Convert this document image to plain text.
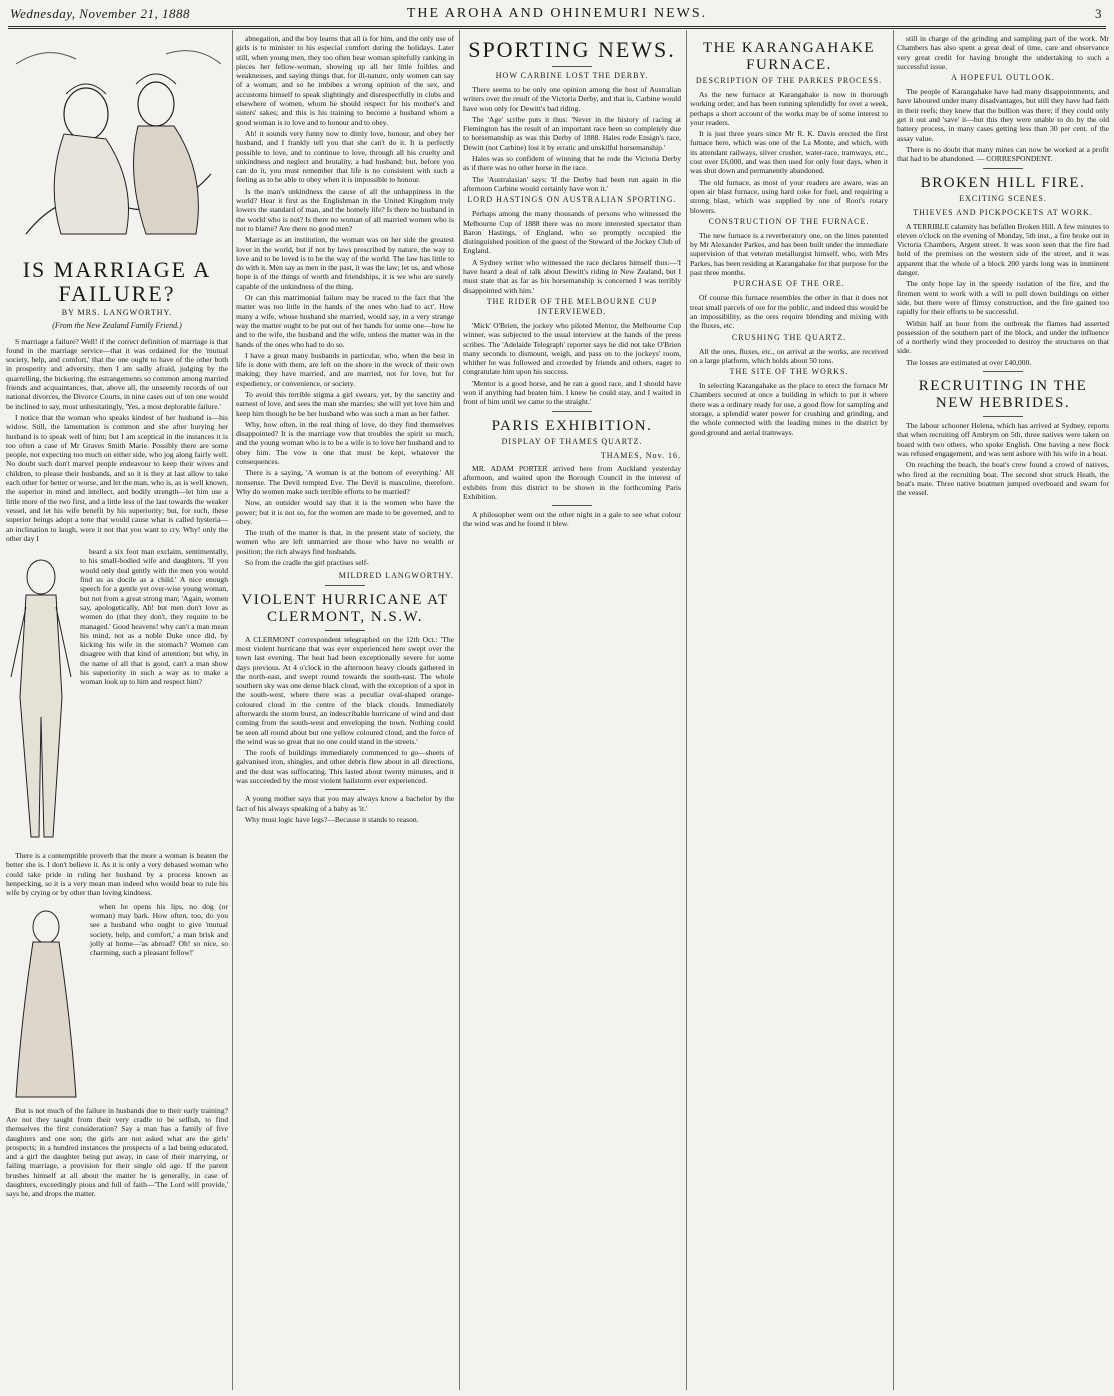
Wednesday, November 21, 1888	THE AROHA AND OHINEMURI NEWS.	3
IS MARRIAGE A FAILURE?
BY MRS. LANGWORTHY.
(From the New Zealand Family Friend.)

S marriage a failure? Well! if the correct definition of marriage is that found in the marriage service—that it was ordained for the 'mutual society, help, and comfort,' that the one ought to have of the other both in prosperity and adversity, then I am sadly afraid, judging by the quarrelling, the bickering, the estrangements so common among married friends and acquaintances, that, above all, the unseemly records of our national divorces, the Divorce Courts, in nine cases out of ten one would be inclined to say, most unhesitatingly, 'Yes, a most deplorable failure.'

I notice that the woman who speaks kindest of her husband is—his widow. Still, the lamentation is common and she after burying her husband is to speak well of him; but I am sceptical in the instances it is too often a case of Mr Graves Smith Marie. Possibly there are some people, not expecting too much on either side, who jog along fairly well. No doubt such don't marvel people endeavour to keep their wives and children, to please their husbands, and so it is they at last allow to take each other for better or worse, and let the man, who is, as is well known, the superior in mind and intellect, and bodily strength—let him use a little more of the two first, and a little less of the last towards the weaker vessel, and let his wife benefit by his superiority; but, for such, these superior beings adopt a tone that would cause what is called hysteria—an inclination to laugh, were it not that you want to cry. Why! only the other day I

heard a six foot man exclaim, sentimentally, to his small-bodied wife and daughters, 'If you would only deal gently with the men you would find us as docile as a child.' A nice enough speech for a gentle yet over-wise young woman, but not from a great strong man; 'Again, women say, apologetically, Ah! but men don't love as women do (that they don't, they require to be managed.' Good heavens! why can't a man mean his mind, not as a noble Duke once did, by kicking his wife in the stomach? Women can disagree with that kind of attention; but why, in the name of all that is good, can't a man show his superiority in such a way as to make a woman look up to him and respect him?

There is a contemptible proverb that the more a woman is beaten the better she is. I don't believe it. As it is only a very debased woman who could take pride in ruling her husband by a process known as henpecking, so it is a very mean man indeed who would bear to rule his wife by crying or by other than loving kindness.

when he opens his lips, no dog (or woman) may bark. How often, too, do you see a husband who ought to give 'mutual society, help, and comfort,' a man brisk and jolly at home—'as abroad? Oh! so nice, so charming, such a pleasant fellow!'

But is not much of the failure in husbands due to their early training? Are not they taught from their very cradle to be selfish, to find themselves the first consideration? Say a man has a family of five daughters and one son; the girls are not asked what are the girls' prospects; in a hundred instances the prospects of a lad being educated, and a girl the daughter being put away, in case of their marrying, or failing marriage, a provision for their single old age. If the parent brushes himself at all about the matter he is generally, in case of daughters, exceedingly pious and full of faith—'The Lord will provide,' says he, and drops the matter.

abnegation, and the boy learns that all is for him, and the only use of girls is to minister to his especial comfort during the holidays. Later still, when young men, they too often hear woman spitefully ranking in pieces her fellow-woman, showing up all her little foibles and weaknesses, and saying things that, for ill-nature, only women can say of a woman; and so he imbibes a wrong opinion of the sex, and accustoms himself to speak slightingly and disrespectfully in clubs and elsewhere of women, whom he should respect for his mother's and sisters' sakes; and this is his training to become a husband whom a good woman is to love and to honour and to obey.

Ah! it sounds very funny now to dimly love, honour, and obey her husband, and I frankly tell you that she can't do it. It is perfectly possible to love, and to continue to love, through all his cruelty and unkindness and neglect and brutality, a bad husband; but, before you can do it, you must remember that life is no consistent with such a feeling as to be able to obey when it is impossible to honour.

Is the man's unkindness the cause of all the unhappiness in the world? Hear it first as the Englishman in the United Kingdom truly lowers the standard of man, and the homely life? Is there no husband in the world who is not? Is there no woman of all married women who is not to blame? Are there no good men?

Marriage as an institution, the woman was on her side the greatest lover in the world, but if not by laws prescribed by nature, the way to love and to be loved is to be the way of the world. The law has little to do with it. Men say as men in the past, it was the law; let us, and whose hope is of the things of worth and friendships, it is we who are surely capable of the unkindness of the thing.

Or can this matrimonial failure may be traced to the fact that 'the matter was too little in the hands of the ones who had to act'. How many a wife, whose husband she married, would say, in a very strange way the matter ought to be put out of her hands for some one—how he and to the wife, the husband and the wife, unless the matter was in the hands of the ones who had to do so.

I have a great many husbands in particular, who, when the best in life is done with them, are left on the shore in the wreck of their own making; they have married, and are married, not for love, but for expediency, or convenience, or society.

To avoid this terrible stigma a girl swears, yet, by the sanctity and earnest of love, and sees the man she marries; she will yet love him and keep him though he be her husband who was such a man as her father.

Why, how often, in the real thing of love, do they find themselves disappointed? It is the marriage vow that troubles the spirit so much, and the young woman who is to be a wife is to love her husband and to obey him. The vow is one that must be kept, whatever the consequences.

There is a saying, 'A woman is at the bottom of everything.' All nonsense. The Devil tempted Eve. The Devil is masculine, therefore. Why do women make such terrible efforts to be married?

Now, an outsider would say that it is the women who have the power; but it is not so, for the women are made to be governed, and to obey.

The truth of the matter is that, in the present state of society, the women who are left unmarried are those who have no wealth or position; the rich always find husbands.

So from the cradle the girl practises self-

MILDRED LANGWORTHY.
VIOLENT HURRICANE AT CLERMONT, N.S.W.

A CLERMONT correspondent telegraphed on the 12th Oct.: 'The most violent hurricane that was ever experienced here swept over the town last evening. The heat had been exceptionally severe for some days previous. At 4 o'clock in the afternoon heavy clouds gathered in the north-east, and swept round towards the south-east. The whole southern sky was one dense black cloud, with the exception of a spot in the south-west, where there was a peculiar oval-shaped orange-coloured cloud in the centre of the black clouds. Immediately afterwards the storm burst, an indescribable hurricane of wind and dust coming from the south-west and enveloping the town. Nothing could be seen all round about but one yellow coloured cloud, and the force of the wind was so great that no one could stand in the streets.'

The roofs of buildings immediately commenced to go—sheets of galvanised iron, shingles, and other debris flew about in all directions, and the dust was suffocating. This lasted about twenty minutes, and it was succeeded by the most violent hailstorm ever experienced.

A young mother says that you may always know a bachelor by the fact of his always speaking of a baby as 'it.'

Why must logic have legs?—Because it stands to reason.

SPORTING NEWS.
HOW CARBINE LOST THE DERBY.

There seems to be only one opinion among the host of Australian writers over the result of the Victoria Derby, and that is, Carbine would have won only for Dewitt's bad riding.

The 'Age' scribe puts it thus: 'Never in the history of racing at Flemington has the result of an important race been so completely due to horsemanship as was this Derby of 1888. Hales rode Ensign's race, Dewitt (not Carbine) lost it by erratic and unskilful horsemanship.'

Hales was so confident of winning that he rode the Victoria Derby as if there was no other horse in the race.

The 'Australasian' says: 'If the Derby had been run again in the afternoon Carbine would certainly have won it.'

LORD HASTINGS ON AUSTRALIAN SPORTING.

Perhaps among the many thousands of persons who witnessed the Melbourne Cup of 1888 there was no more interested spectator than Baron Hastings, of England, who so promptly occupied the distinguished position of the guest of the Steward of the Jockey Club of England.

A Sydney writer who witnessed the race declares himself thus:—'I have heard a deal of talk about Dewitt's riding in New Zealand, but I must state that as far as his horsemanship is concerned I was terribly disappointed with him.'

THE RIDER OF THE MELBOURNE CUP INTERVIEWED.

'Mick' O'Brien, the jockey who piloted Mentor, the Melbourne Cup winner, was subjected to the usual interview at the hands of the press scribes. The 'Adelaide Telegraph' reporter says he did not take O'Brien many seconds to dismount, weigh, and pass on to the jockeys' room, whither he was followed and crowded by friends and others, eager to congratulate him upon his success.

'Mentor is a good horse, and he ran a good race, and I should have won if anything had beaten him. I knew he could stay, and I waited in front of him until we came to the straight.'

PARIS EXHIBITION.
DISPLAY OF THAMES QUARTZ.
THAMES, Nov. 16.

MR. ADAM PORTER arrived here from Auckland yesterday afternoon, and waited upon the Borough Council in the interest of exhibits from this district to be shown in the forthcoming Paris Exhibition.

A philosopher went out the other night in a gale to see what colour the wind was and he found it blew.

THE KARANGAHAKE FURNACE.
DESCRIPTION OF THE PARKES PROCESS.

As the new furnace at Karangahake is now in thorough working order, and has been running splendidly for over a week, perhaps a short account of the works may be of some interest to your readers.

It is just three years since Mr R. K. Davis erected the first furnace here, which was one of the La Monte, and which, with its attendant railways, silver crusher, water-race, tramways, etc., cost over £6,000, and was then used for only four days, when it was shut down and permanently abandoned.

The old furnace, as most of your readers are aware, was an open air blast furnace, using hard coke for fuel, and requiring a strong blast, which was supplied by one of Root's rotary blowers.

CONSTRUCTION OF THE FURNACE.

The new furnace is a reverberatory one, on the lines patented by Mr Alexander Parkes, and has been built under the immediate supervision of that veteran metallurgist himself, who, with Mrs Parkes, has been residing at Karangahake for that purpose for the past three months.

PURCHASE OF THE ORE.

Of course this furnace resembles the other in that it does not treat small parcels of ore for the public, and indeed this would be an impossibility, as the ores require blending and mixing with the fluxes, etc.

CRUSHING THE QUARTZ.

All the ores, fluxes, etc., on arrival at the works, are received on a large platform, which holds about 50 tons.

THE SITE OF THE WORKS.

In selecting Karangahake as the place to erect the furnace Mr Chambers secured at once a building in which to put it where there was a ordinary ready for use, a good flow for sampling and storage, a splendid water power for crushing and grinding, and the whole connected with the leading mines in the district by good ground and aerial tramways.

still in charge of the grinding and sampling part of the work. Mr Chambers has also spent a great deal of time, care and observance very great credit for having brought the undertaking to such a successful issue.

A HOPEFUL OUTLOOK.

The people of Karangahake have had many disappointments, and have laboured under many disadvantages, but still they have had faith in their reefs; they knew that the bullion was there; if they could only get it out and 'save' it—but this they were unable to do by the old battery process, in many cases getting less than 30 per cent. of the assay value.

There is no doubt that many mines can now be worked at a profit that had to be abandoned. — CORRESPONDENT.

BROKEN HILL FIRE.
EXCITING SCENES.
THIEVES AND PICKPOCKETS AT WORK.

A TERRIBLE calamity has befallen Broken Hill. A few minutes to eleven o'clock on the evening of Monday, 5th inst., a fire broke out in Victoria Chambers, Argent street. It was soon seen that the fire had hold of the premises on the western side of the street, and it was apparent that the whole of a block 200 yards long was in imminent danger.

The only hope lay in the speedy isolation of the fire, and the firemen went to work with a will to pull down buildings on either side, but there were of flimsy construction, and the fire gained too rapidly for their efforts to be successful.

Within half an hour from the outbreak the flames had asserted possession of the southern part of the block, and under the influence of a northerly wind they proceeded to destroy the structures on that side.

The losses are estimated at over £40,000.

RECRUITING IN THE NEW HEBRIDES.

The labour schooner Helena, which has arrived at Sydney, reports that when recruiting off Ambrym on 5th, three natives were taken on board with two others, who spoke English. One having a new flock was refused engagement, and was sent ashore with his wife in a boat.

On reaching the beach, the boat's crew found a crowd of natives, who fired at the recruiting boat. The second shot struck Heath, the boat's mate. Three native boatmen jumped overboard and swam for the vessel.
